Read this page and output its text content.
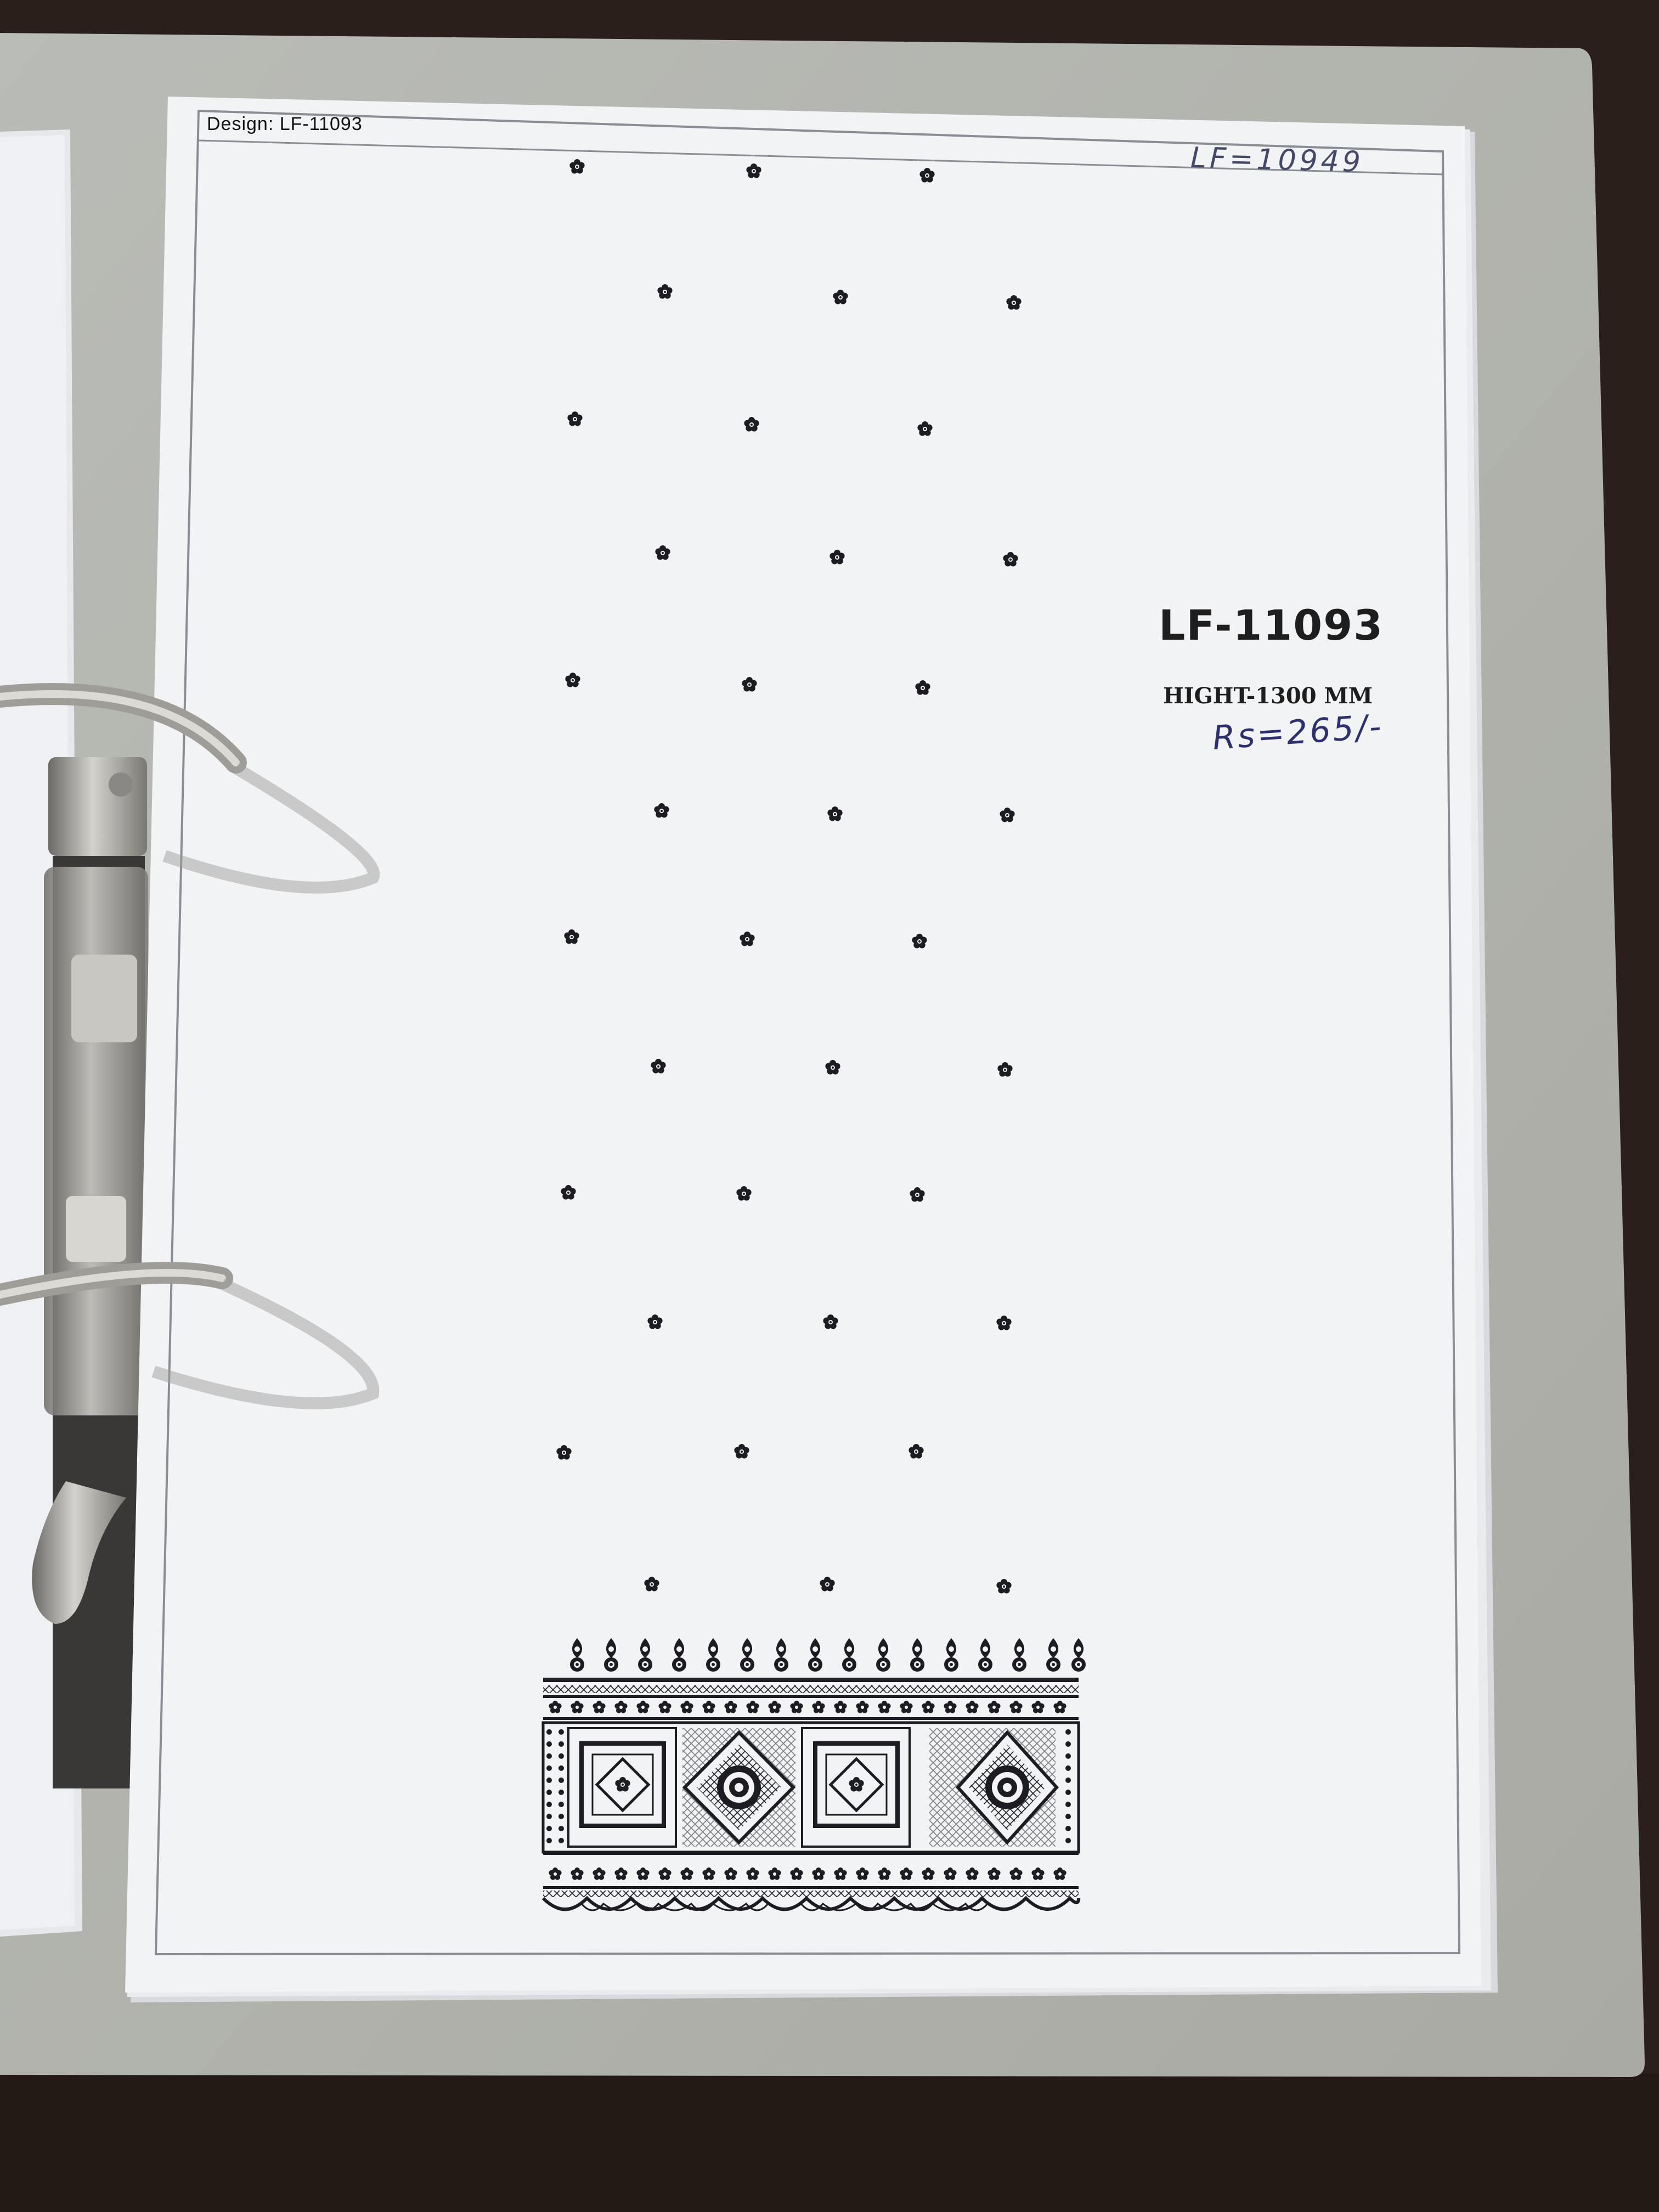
Design: LF-11093
LF=10949
LF-11093
HIGHT-1300 MM
Rs=265/-
